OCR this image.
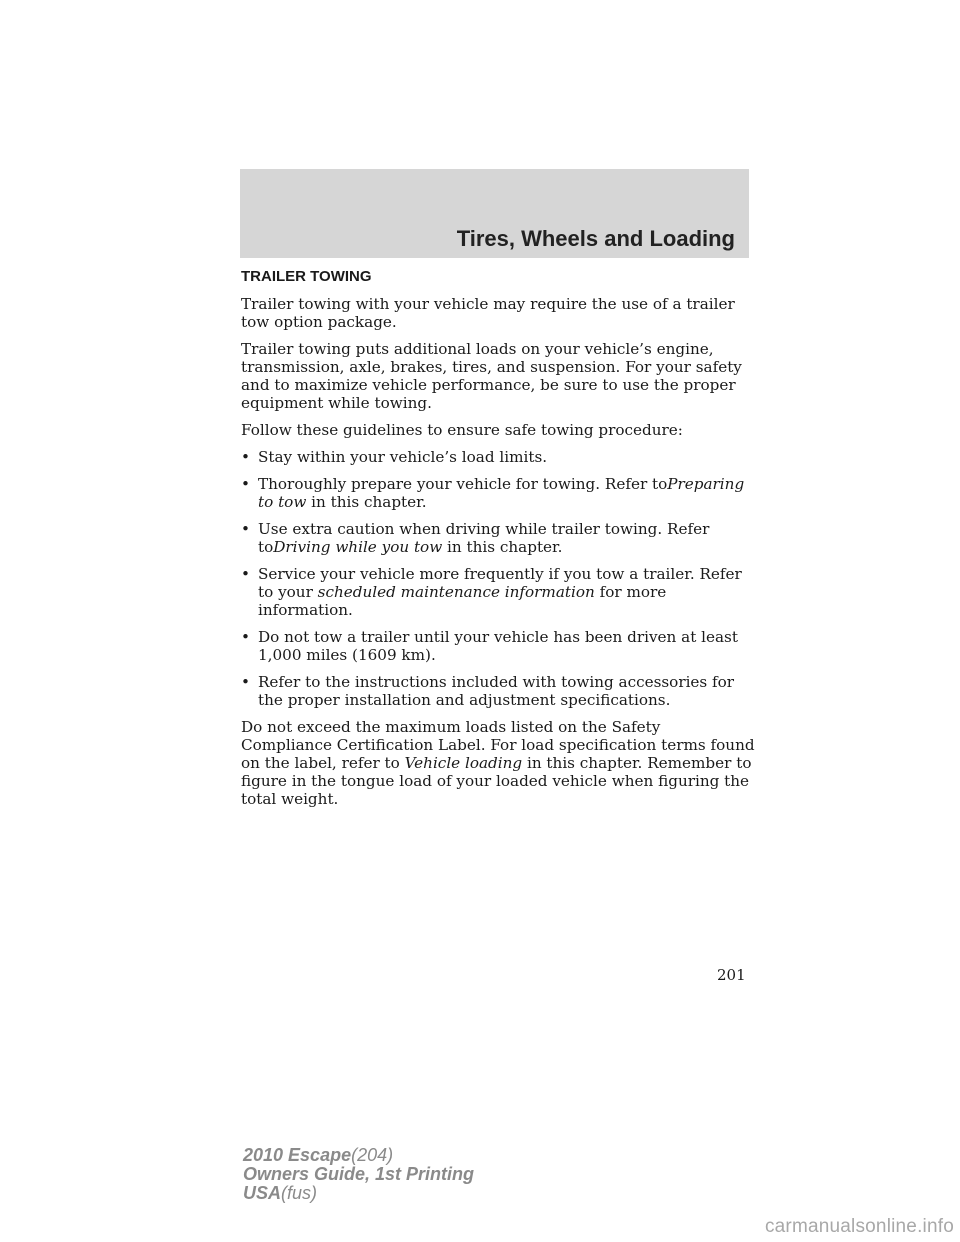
Tires, Wheels and Loading
TRAILER TOWING

Trailer towing with your vehicle may require the use of a trailer tow option package.

Trailer towing puts additional loads on your vehicle’s engine, transmission, axle, brakes, tires, and suspension. For your safety and to maximize vehicle performance, be sure to use the proper equipment while towing.

Follow these guidelines to ensure safe towing procedure:

• Stay within your vehicle’s load limits.
• Thoroughly prepare your vehicle for towing. Refer toPreparing to tow in this chapter.
• Use extra caution when driving while trailer towing. Refer toDriving while you tow in this chapter.
• Service your vehicle more frequently if you tow a trailer. Refer to your scheduled maintenance information for more information.
• Do not tow a trailer until your vehicle has been driven at least 1,000 miles (1609 km).
• Refer to the instructions included with towing accessories for the proper installation and adjustment specifications.

Do not exceed the maximum loads listed on the Safety Compliance Certification Label. For load specification terms found on the label, refer to Vehicle loading in this chapter. Remember to figure in the tongue load of your loaded vehicle when figuring the total weight.

201
2010 Escape(204)
Owners Guide, 1st Printing
USA(fus)
carmanualsonline.info
